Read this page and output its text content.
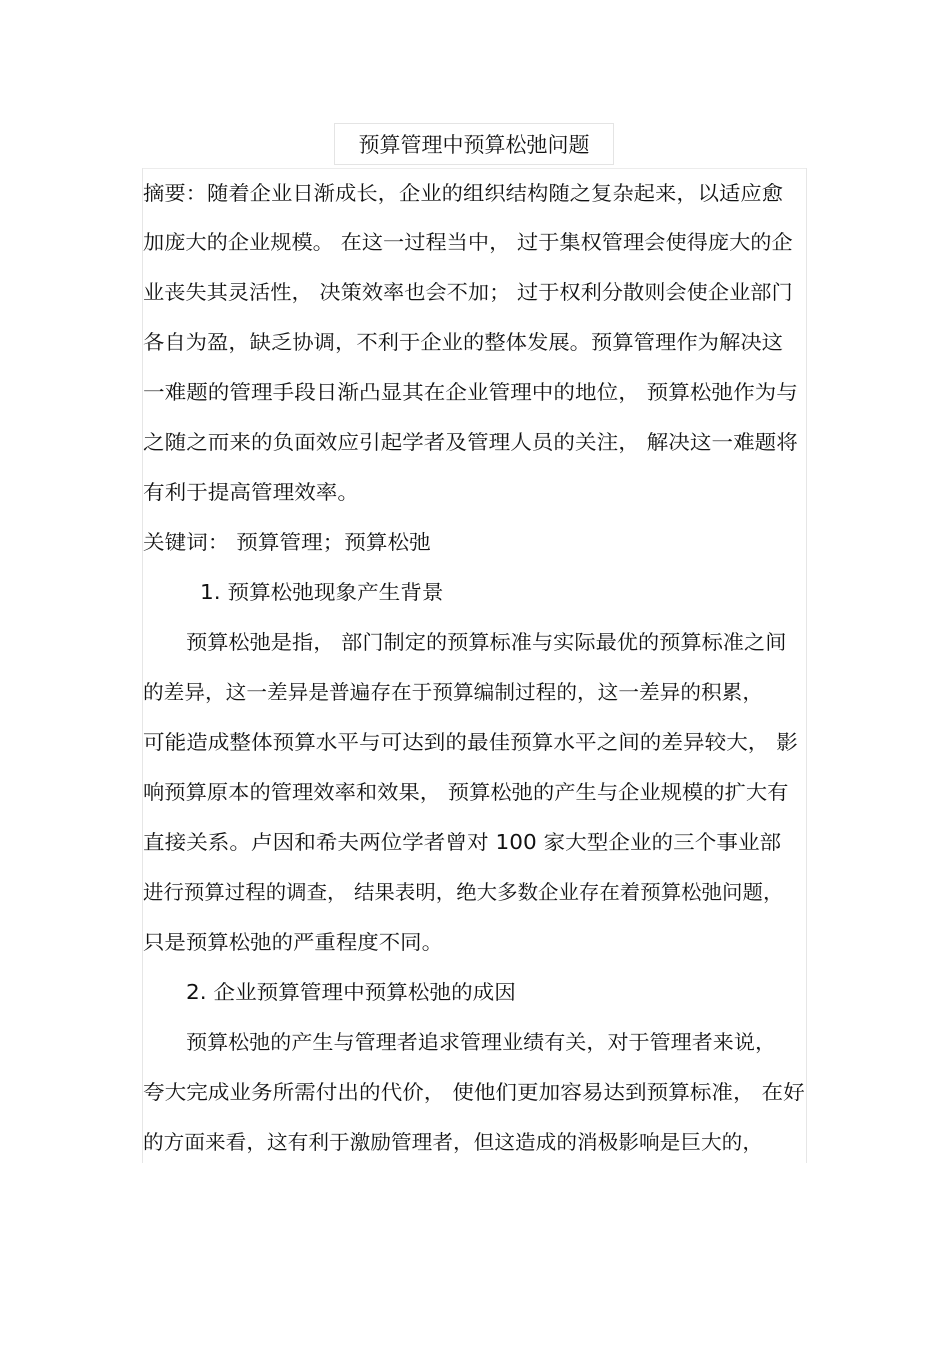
预算管理中预算松弛问题
摘要：随着企业日渐成长，企业的组织结构随之复杂起来，以适应愈
加庞大的企业规模。 在这一过程当中， 过于集权管理会使得庞大的企
业丧失其灵活性， 决策效率也会不加； 过于权利分散则会使企业部门
各自为盈，缺乏协调，不利于企业的整体发展。预算管理作为解决这
一难题的管理手段日渐凸显其在企业管理中的地位， 预算松弛作为与
之随之而来的负面效应引起学者及管理人员的关注， 解决这一难题将
有利于提高管理效率。
关键词： 预算管理；预算松弛
1. 预算松弛现象产生背景
预算松弛是指， 部门制定的预算标准与实际最优的预算标准之间
的差异，这一差异是普遍存在于预算编制过程的，这一差异的积累，
可能造成整体预算水平与可达到的最佳预算水平之间的差异较大， 影
响预算原本的管理效率和效果， 预算松弛的产生与企业规模的扩大有
直接关系。卢因和希夫两位学者曾对 100 家大型企业的三个事业部
进行预算过程的调查， 结果表明，绝大多数企业存在着预算松弛问题，
只是预算松弛的严重程度不同。
2. 企业预算管理中预算松弛的成因
预算松弛的产生与管理者追求管理业绩有关，对于管理者来说，
夸大完成业务所需付出的代价， 使他们更加容易达到预算标准， 在好
的方面来看，这有利于激励管理者，但这造成的消极影响是巨大的，
